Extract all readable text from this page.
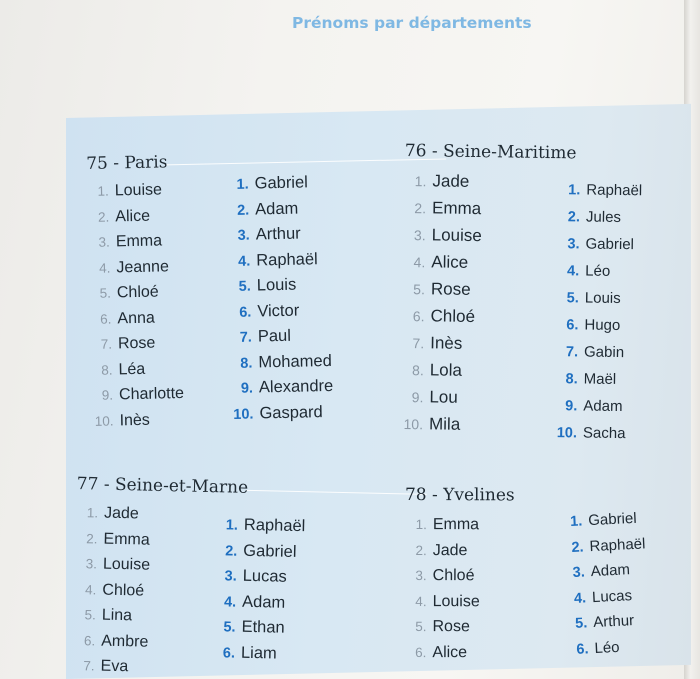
Prénoms par départements
75 - Paris
1. Louise
2. Alice
3. Emma
4. Jeanne
5. Chloé
6. Anna
7. Rose
8. Léa
9. Charlotte
10. Inès
1. Gabriel
2. Adam
3. Arthur
4. Raphaël
5. Louis
6. Victor
7. Paul
8. Mohamed
9. Alexandre
10. Gaspard
76 - Seine-Maritime
1. Jade
2. Emma
3. Louise
4. Alice
5. Rose
6. Chloé
7. Inès
8. Lola
9. Lou
10. Mila
1. Raphaël
2. Jules
3. Gabriel
4. Léo
5. Louis
6. Hugo
7. Gabin
8. Maël
9. Adam
10. Sacha
77 - Seine-et-Marne
1. Jade
2. Emma
3. Louise
4. Chloé
5. Lina
6. Ambre
7. Eva
1. Raphaël
2. Gabriel
3. Lucas
4. Adam
5. Ethan
6. Liam
78 - Yvelines
1. Emma
2. Jade
3. Chloé
4. Louise
5. Rose
6. Alice
1. Gabriel
2. Raphaël
3. Adam
4. Lucas
5. Arthur
6. Léo
